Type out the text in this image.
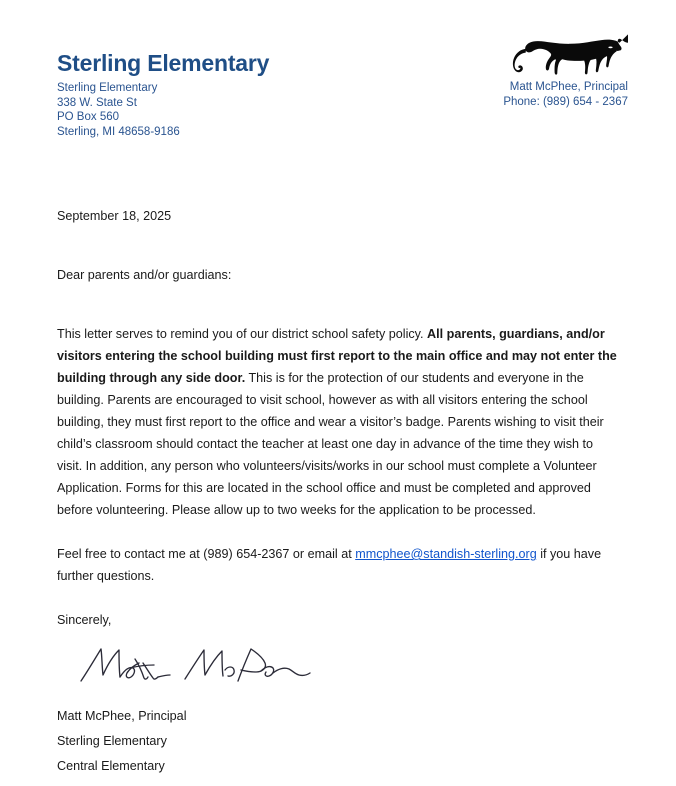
Sterling Elementary
Sterling Elementary
338 W. State St
PO Box 560
Sterling, MI 48658-9186
Matt McPhee, Principal
Phone: (989) 654 - 2367
September 18, 2025
Dear parents and/or guardians:

This letter serves to remind you of our district school safety policy. All parents, guardians, and/or visitors entering the school building must first report to the main office and may not enter the building through any side door. This is for the protection of our students and everyone in the building. Parents are encouraged to visit school, however as with all visitors entering the school building, they must first report to the office and wear a visitor’s badge. Parents wishing to visit their child’s classroom should contact the teacher at least one day in advance of the time they wish to visit. In addition, any person who volunteers/visits/works in our school must complete a Volunteer Application. Forms for this are located in the school office and must be completed and approved before volunteering. Please allow up to two weeks for the application to be processed.

Feel free to contact me at (989) 654-2367 or email at mmcphee@standish-sterling.org if you have further questions.

Sincerely,
Matt McPhee, Principal
Sterling Elementary
Central Elementary
